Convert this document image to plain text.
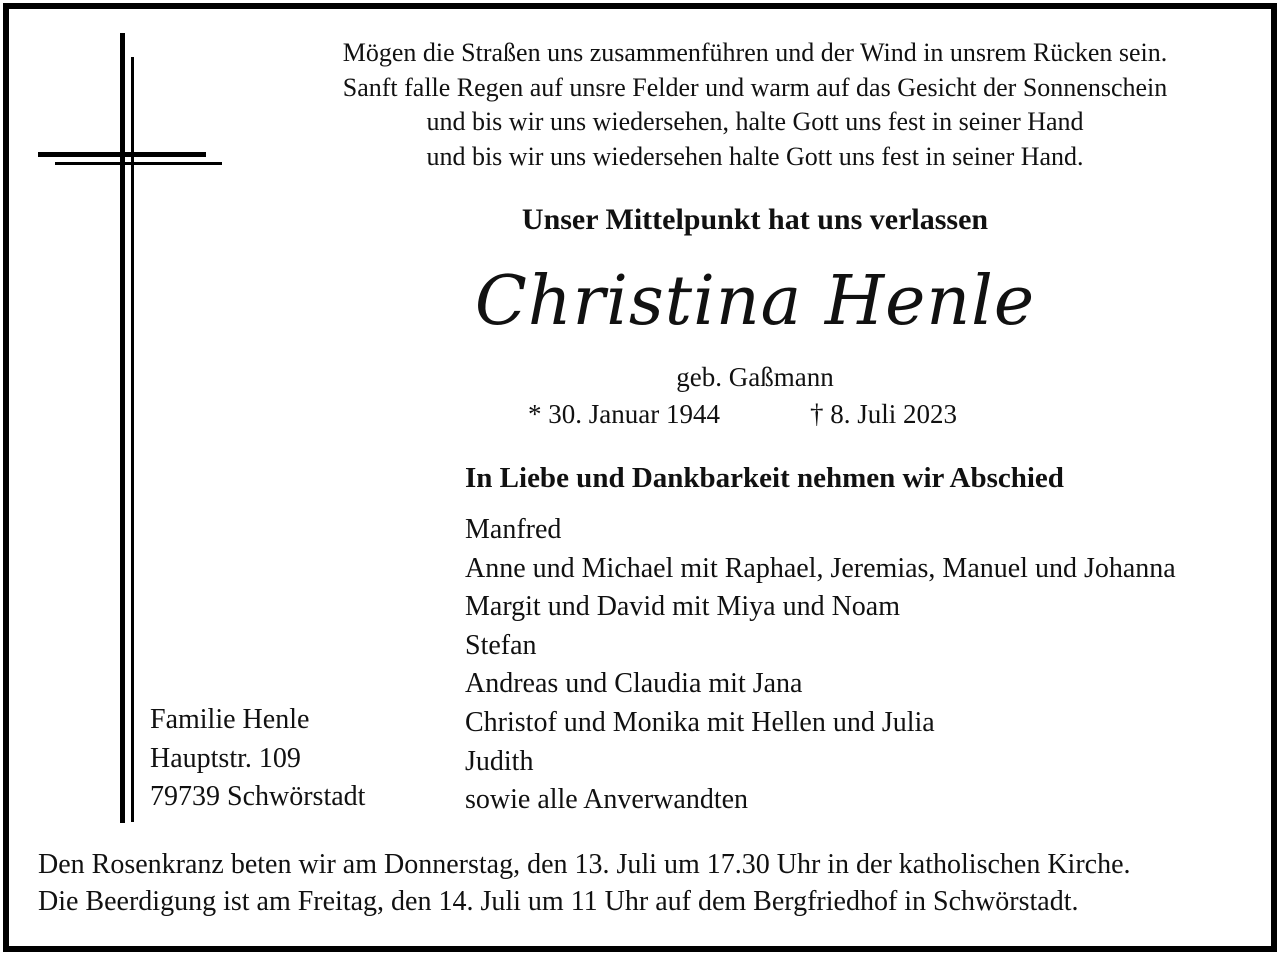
Mögen die Straßen uns zusammenführen und der Wind in unsrem Rücken sein.
Sanft falle Regen auf unsre Felder und warm auf das Gesicht der Sonnenschein
und bis wir uns wiedersehen, halte Gott uns fest in seiner Hand
und bis wir uns wiedersehen halte Gott uns fest in seiner Hand.
Unser Mittelpunkt hat uns verlassen
Christina Henle
geb. Gaßmann
* 30. Januar 1944	† 8. Juli 2023
In Liebe und Dankbarkeit nehmen wir Abschied
Manfred
Anne und Michael mit Raphael, Jeremias, Manuel und Johanna
Margit und David mit Miya und Noam
Stefan
Andreas und Claudia mit Jana
Christof und Monika mit Hellen und Julia
Judith
sowie alle Anverwandten
Familie Henle
Hauptstr. 109
79739 Schwörstadt
Den Rosenkranz beten wir am Donnerstag, den 13. Juli um 17.30 Uhr in der katholischen Kirche.
Die Beerdigung ist am Freitag, den 14. Juli um 11 Uhr auf dem Bergfriedhof in Schwörstadt.
